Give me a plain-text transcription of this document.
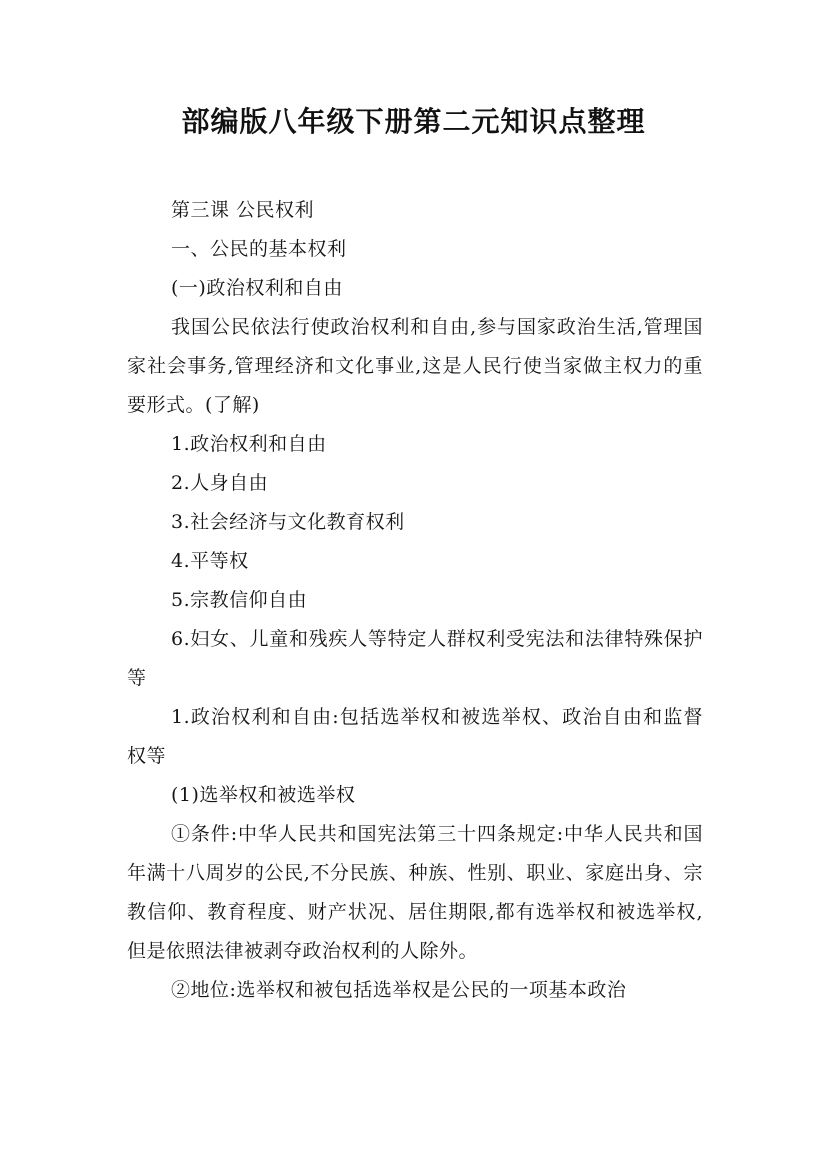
部编版八年级下册第二元知识点整理

第三课 公民权利

一、公民的基本权利

(一)政治权利和自由

我国公民依法行使政治权利和自由,参与国家政治生活,管理国家社会事务,管理经济和文化事业,这是人民行使当家做主权力的重要形式。(了解)

1.政治权利和自由

2.人身自由

3.社会经济与文化教育权利

4.平等权

5.宗教信仰自由

6.妇女、儿童和残疾人等特定人群权利受宪法和法律特殊保护等

1.政治权利和自由:包括选举权和被选举权、政治自由和监督权等

(1)选举权和被选举权

①条件:中华人民共和国宪法第三十四条规定:中华人民共和国年满十八周岁的公民,不分民族、种族、性别、职业、家庭出身、宗教信仰、教育程度、财产状况、居住期限,都有选举权和被选举权,但是依照法律被剥夺政治权利的人除外。

②地位:选举权和被包括选举权是公民的一项基本政治
